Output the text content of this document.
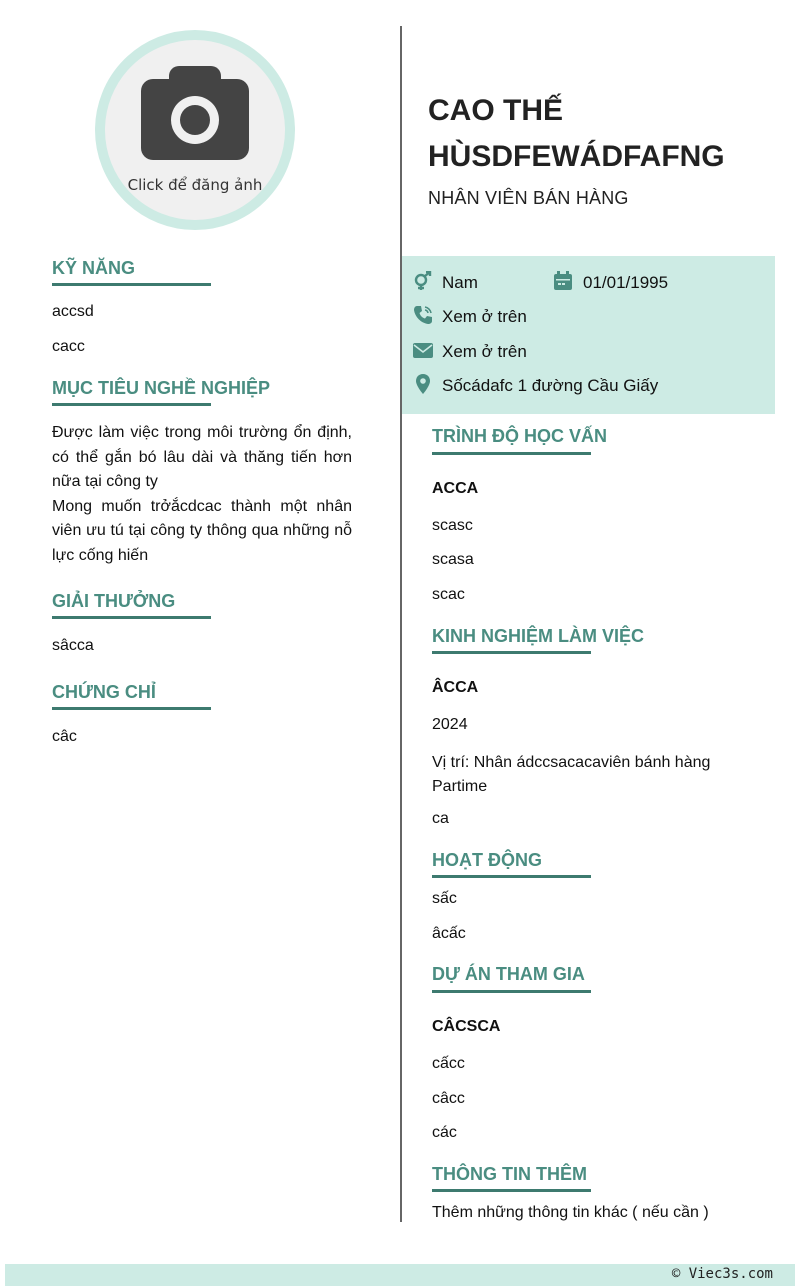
Click để đăng ảnh
KỸ NĂNG
accsd
cacc
MỤC TIÊU NGHỀ NGHIỆP

Được làm việc trong môi trường ổn định, có thể gắn bó lâu dài và thăng tiến hơn nữa tại công ty

Mong muốn trởắcdcac thành một nhân viên ưu tú tại công ty thông qua những nỗ lực cống hiến

GIẢI THƯỞNG
sâcca
CHỨNG CHỈ
câc
CAO THẾ HÙSDFEWÁDFAFNG
NHÂN VIÊN BÁN HÀNG
Nam	01/01/1995
Xem ở trên
Xem ở trên
Sốcádafc 1 đường Cầu Giấy
TRÌNH ĐỘ HỌC VẤN
ACCA
scasc
scasa
scac
KINH NGHIỆM LÀM VIỆC
ÂCCA
2024
Vị trí: Nhân ádccsacacaviên bánh hàng Partime
ca
HOẠT ĐỘNG
sấc
âcấc
DỰ ÁN THAM GIA
CÂCSCA
cấcc
câcc
các
THÔNG TIN THÊM
Thêm những thông tin khác ( nếu cần )
© Viec3s.com
